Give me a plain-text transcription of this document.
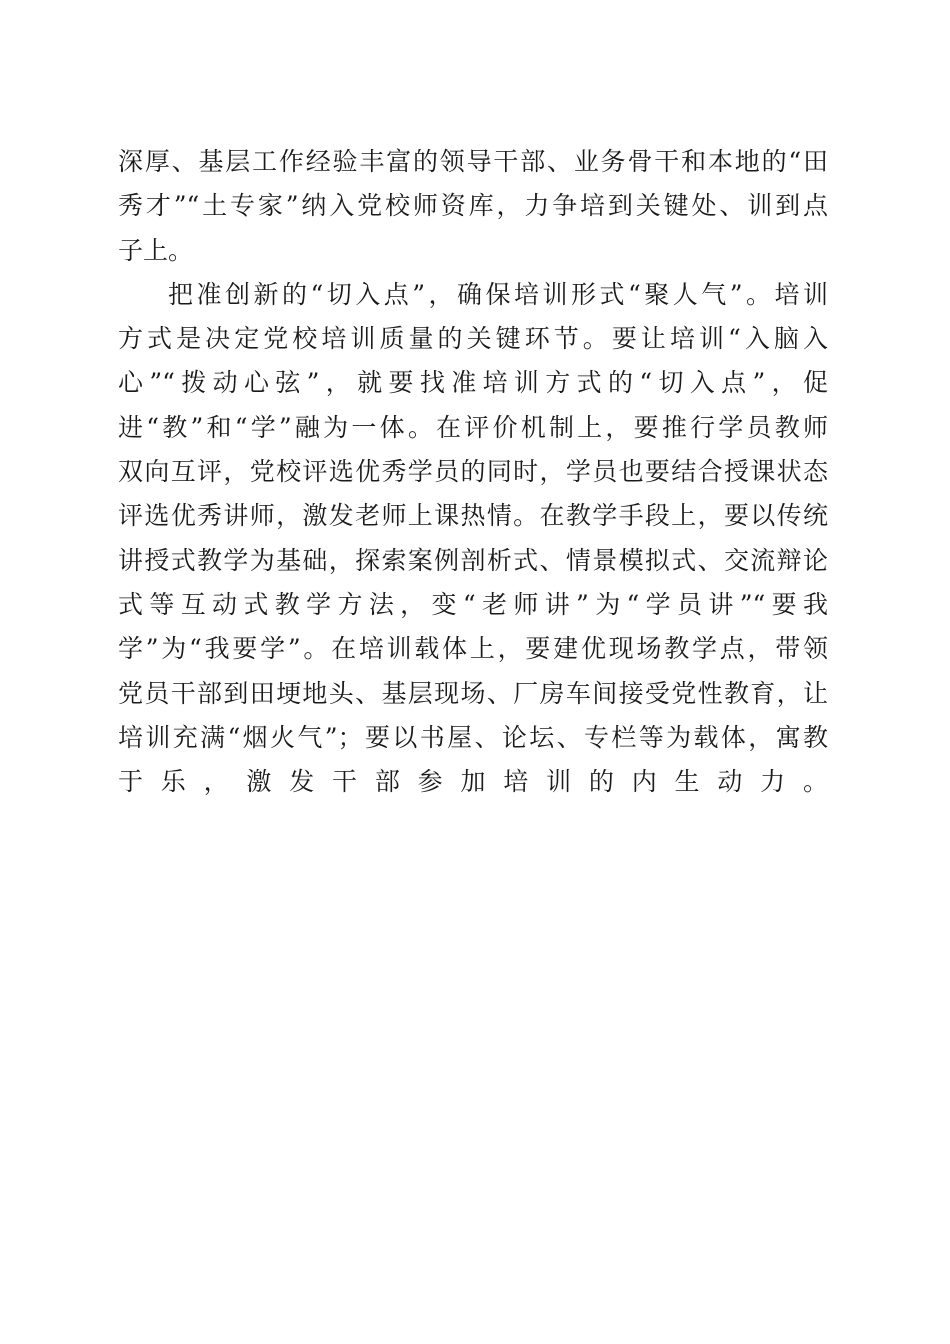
深厚、基层工作经验丰富的领导干部、业务骨干和本地的“田
秀才”“土专家”纳入党校师资库，力争培到关键处、训到点
子上。
把准创新的“切入点”，确保培训形式“聚人气”。培训
方式是决定党校培训质量的关键环节。要让培训“入脑入
心”“拨动心弦”，就要找准培训方式的“切入点”，促
进“教”和“学”融为一体。在评价机制上，要推行学员教师
双向互评，党校评选优秀学员的同时，学员也要结合授课状态
评选优秀讲师，激发老师上课热情。在教学手段上，要以传统
讲授式教学为基础，探索案例剖析式、情景模拟式、交流辩论
式等互动式教学方法，变“老师讲”为“学员讲”“要我
学”为“我要学”。在培训载体上，要建优现场教学点，带领
党员干部到田埂地头、基层现场、厂房车间接受党性教育，让
培训充满“烟火气”；要以书屋、论坛、专栏等为载体，寓教
于乐，激发干部参加培训的内生动力。
